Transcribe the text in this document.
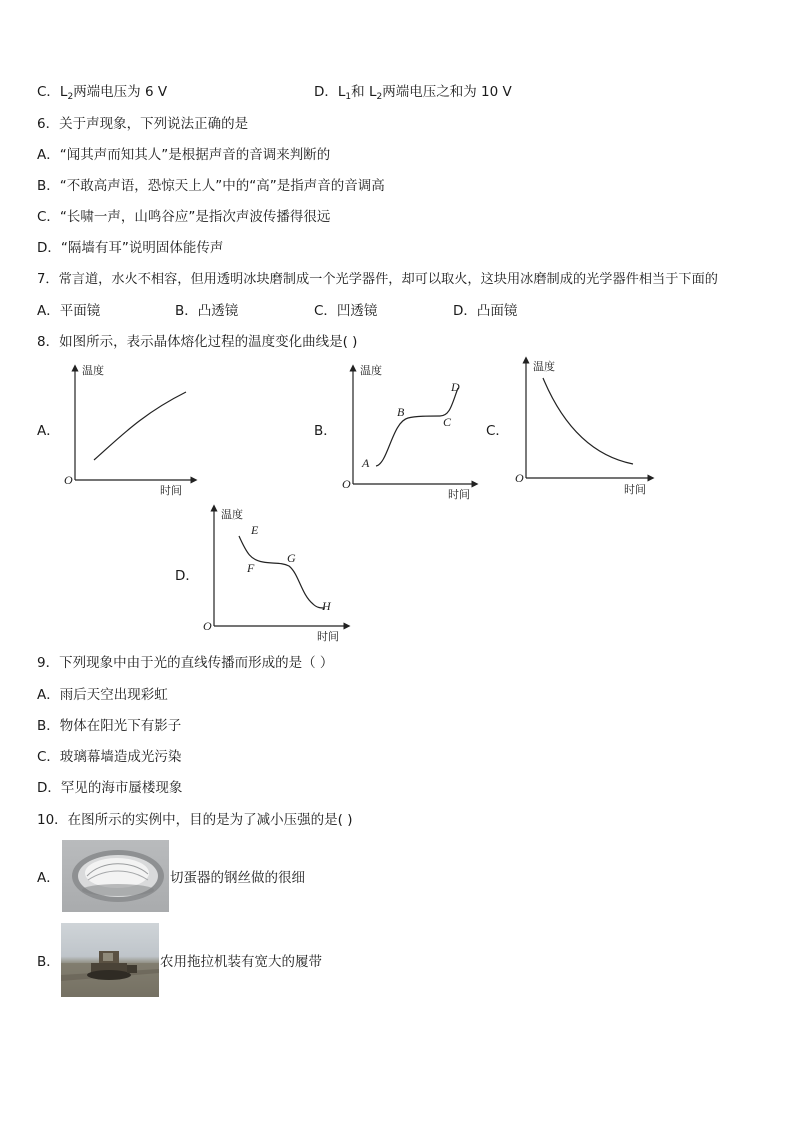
C．$L_2$两端电压为 6 V	D．$L_1$和 $L_2$两端电压之和为 10 V
6．关于声现象，下列说法正确的是
A．“闻其声而知其人”是根据声音的音调来判断的
B．“不敢高声语，恐惊天上人”中的“高”是指声音的音调高
C．“长啸一声，山鸣谷应”是指次声波传播得很远
D．“隔墙有耳”说明固体能传声
7．常言道，水火不相容，但用透明冰块磨制成一个光学器件，却可以取火，这块用冰磨制成的光学器件相当于下面的
A．平面镜	B．凸透镜	C．凹透镜	D．凸面镜
8．如图所示，表示晶体熔化过程的温度变化曲线是( )
A．
温度
时间
O
B．
温度
时间
O
A
B
C
D
C．
温度
时间
O
D．
温度
时间
O
E
F
G
H
9．下列现象中由于光的直线传播而形成的是（ ）
A．雨后天空出现彩虹
B．物体在阳光下有影子
C．玻璃幕墙造成光污染
D．罕见的海市蜃楼现象
10．在图所示的实例中，目的是为了减小压强的是( )
A．	切蛋器的钢丝做的很细
B．	农用拖拉机装有宽大的履带
